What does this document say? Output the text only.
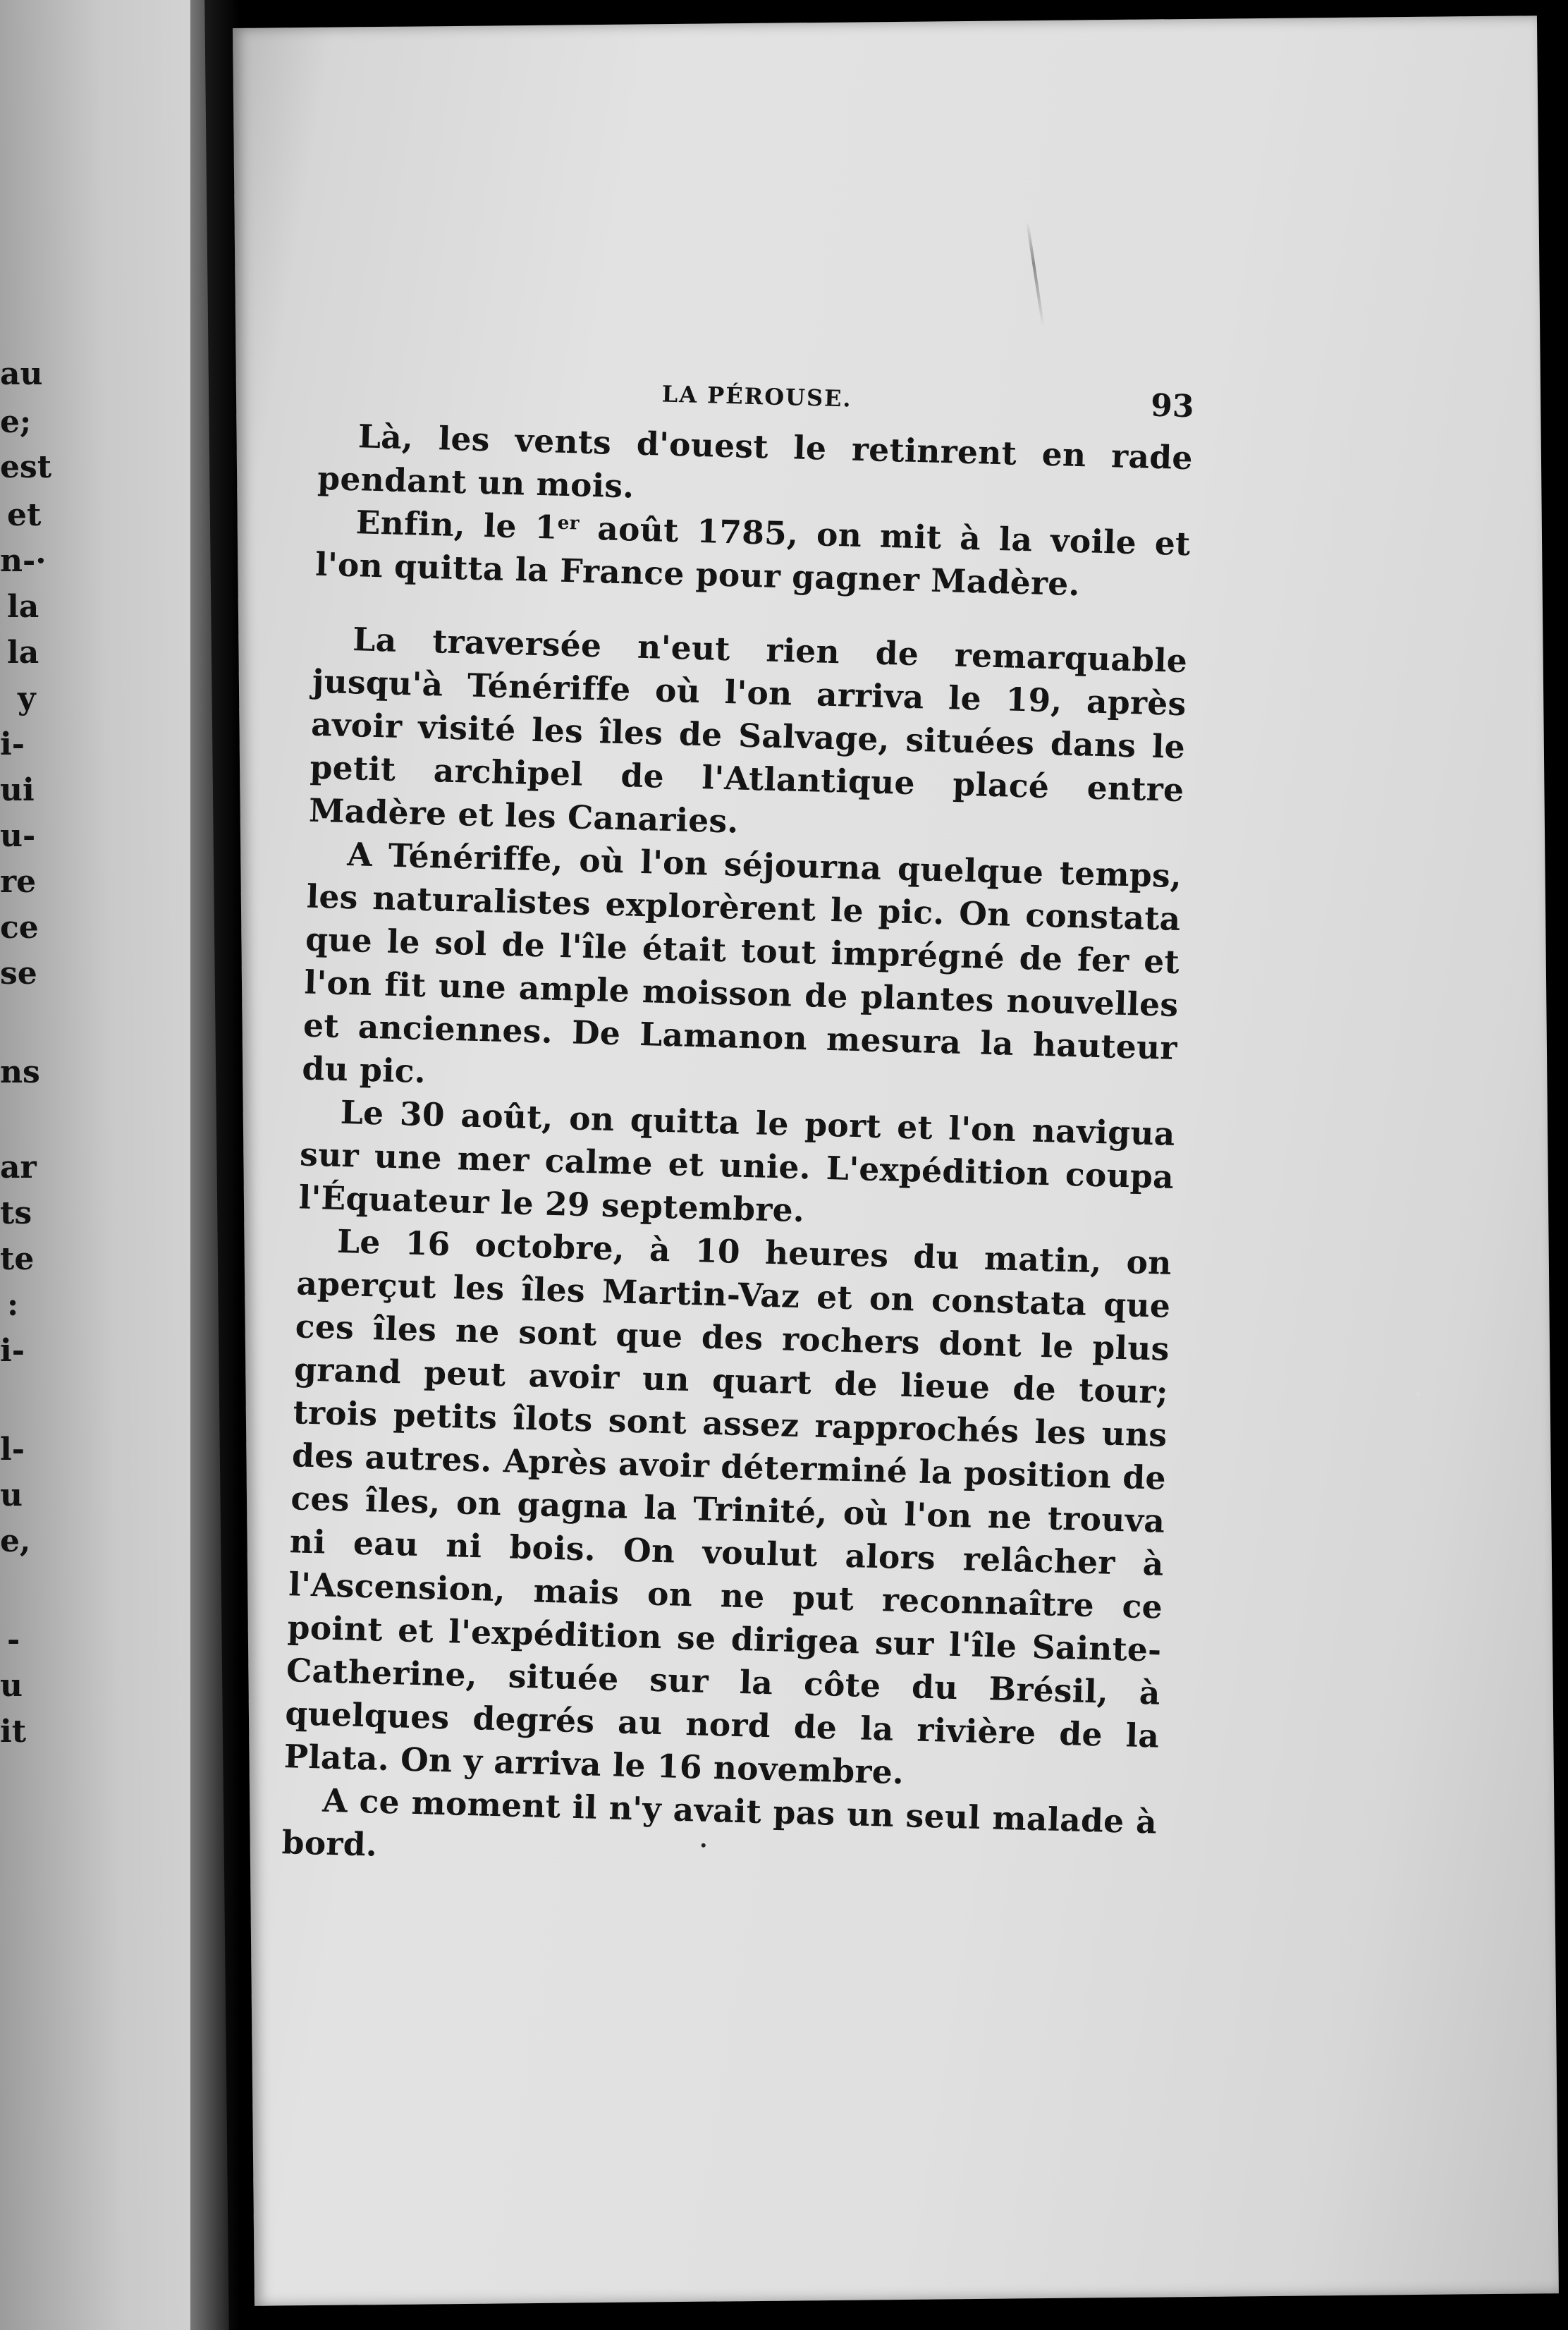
au
e;
est
et
n-·
la
la
y
i-
ui
u-
re
ce
se
ns
ar
ts
te
:
i-
l-
u
e,
-
u
it
LA PÉROUSE.	93

Là, les vents d'ouest le retinrent en rade pendant un mois.

Enfin, le 1er août 1785, on mit à la voile et l'on quitta la France pour gagner Madère.

La traversée n'eut rien de remarquable jusqu'à Ténériffe où l'on arriva le 19, après avoir visité les îles de Salvage, situées dans le petit archipel de l'Atlantique placé entre Madère et les Canaries.

A Ténériffe, où l'on séjourna quelque temps, les naturalistes explorèrent le pic. On constata que le sol de l'île était tout imprégné de fer et l'on fit une ample moisson de plantes nouvelles et anciennes. De Lamanon mesura la hauteur du pic.

Le 30 août, on quitta le port et l'on navigua sur une mer calme et unie. L'expédition coupa l'Équateur le 29 septembre.

Le 16 octobre, à 10 heures du matin, on aperçut les îles Martin-Vaz et on constata que ces îles ne sont que des rochers dont le plus grand peut avoir un quart de lieue de tour; trois petits îlots sont assez rapprochés les uns des autres. Après avoir déterminé la position de ces îles, on gagna la Trinité, où l'on ne trouva ni eau ni bois. On voulut alors relâcher à l'Ascension, mais on ne put reconnaître ce point et l'expédition se dirigea sur l'île Sainte-Catherine, située sur la côte du Brésil, à quelques degrés au nord de la rivière de la Plata. On y arriva le 16 novembre.

A ce moment il n'y avait pas un seul malade à bord.
